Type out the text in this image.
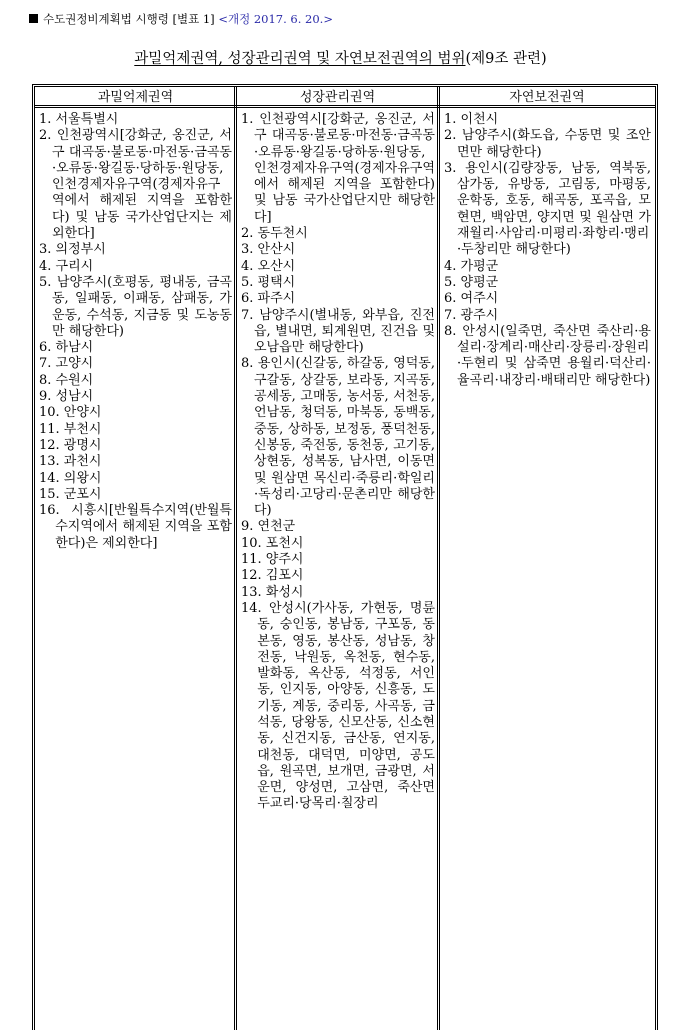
수도권정비계획법 시행령 [별표 1] <개정 2017. 6. 20.>
과밀억제권역, 성장관리권역 및 자연보전권역의 범위(제9조 관련)
과밀억제권역	성장관리권역	자연보전권역
1. 서울특별시
2. 인천광역시[강화군, 옹진군, 서구 대곡동·불로동·마전동·금곡동·오류동·왕길동·당하동·원당동, 인천경제자유구역(경제자유구역에서 해제된 지역을 포함한다) 및 남동 국가산업단지는 제외한다]
3. 의정부시
4. 구리시
5. 남양주시(호평동, 평내동, 금곡동, 일패동, 이패동, 삼패동, 가운동, 수석동, 지금동 및 도농동만 해당한다)
6. 하남시
7. 고양시
8. 수원시
9. 성남시
10. 안양시
11. 부천시
12. 광명시
13. 과천시
14. 의왕시
15. 군포시
16. 시흥시[반월특수지역(반월특수지역에서 해제된 지역을 포함한다)은 제외한다]
1. 인천광역시[강화군, 옹진군, 서구 대곡동·불로동·마전동·금곡동·오류동·왕길동·당하동·원당동, 인천경제자유구역(경제자유구역에서 해제된 지역을 포함한다) 및 남동 국가산업단지만 해당한다]
2. 동두천시
3. 안산시
4. 오산시
5. 평택시
6. 파주시
7. 남양주시(별내동, 와부읍, 진전읍, 별내면, 퇴계원면, 진건읍 및 오남읍만 해당한다)
8. 용인시(신갈동, 하갈동, 영덕동, 구갈동, 상갈동, 보라동, 지곡동, 공세동, 고매동, 농서동, 서천동, 언남동, 청덕동, 마북동, 동백동, 중동, 상하동, 보정동, 풍덕천동, 신봉동, 죽전동, 동천동, 고기동, 상현동, 성복동, 남사면, 이동면 및 원삼면 목신리·죽릉리·학일리·독성리·고당리·문촌리만 해당한다)
9. 연천군
10. 포천시
11. 양주시
12. 김포시
13. 화성시
14. 안성시(가사동, 가현동, 명륜동, 숭인동, 봉남동, 구포동, 동본동, 영동, 봉산동, 성남동, 창전동, 낙원동, 옥천동, 현수동, 발화동, 옥산동, 석정동, 서인동, 인지동, 아양동, 신흥동, 도기동, 계동, 중리동, 사곡동, 금석동, 당왕동, 신모산동, 신소현동, 신건지동, 금산동, 연지동, 대천동, 대덕면, 미양면, 공도읍, 원곡면, 보개면, 금광면, 서운면, 양성면, 고삼면, 죽산면 두교리·당목리·칠장리
1. 이천시
2. 남양주시(화도읍, 수동면 및 조안면만 해당한다)
3. 용인시(김량장동, 남동, 역북동, 삼가동, 유방동, 고림동, 마평동, 운학동, 호동, 해곡동, 포곡읍, 모현면, 백암면, 양지면 및 원삼면 가재월리·사암리·미평리·좌항리·맹리·두창리만 해당한다)
4. 가평군
5. 양평군
6. 여주시
7. 광주시
8. 안성시(일죽면, 죽산면 죽산리·용설리·장계리·매산리·장릉리·장원리·두현리 및 삼죽면 용월리·덕산리·율곡리·내장리·배태리만 해당한다)
